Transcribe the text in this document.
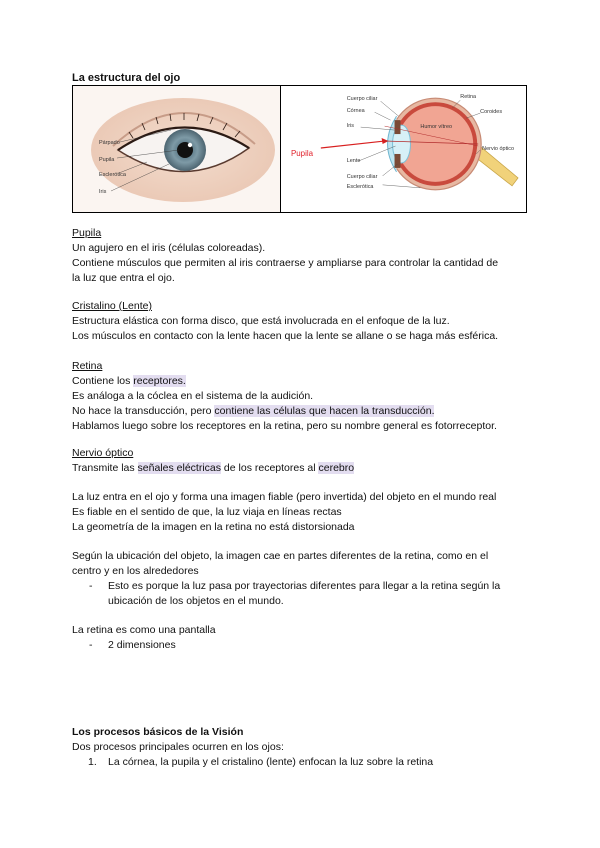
La estructura del ojo
Párpado
Pupila
Esclerótica
Iris
Cuerpo ciliar
Córnea
Iris
Lente
Cuerpo ciliar
Esclerótica
Retina
Coroides
Humor vítreo
Nervio óptico
Pupila
Pupila
Un agujero en el iris (células coloreadas).
Contiene músculos que permiten al iris contraerse y ampliarse para controlar la cantidad de
la luz que entra el ojo.
Cristalino (Lente)
Estructura elástica con forma disco, que está involucrada en el enfoque de la luz.
Los músculos en contacto con la lente hacen que la lente se allane o se haga más esférica.
Retina
Contiene los receptores.
Es análoga a la cóclea en el sistema de la audición.
No hace la transducción, pero contiene las células que hacen la transducción.
Hablamos luego sobre los receptores en la retina, pero su nombre general es fotorreceptor.
Nervio óptico
Transmite las señales eléctricas de los receptores al cerebro
La luz entra en el ojo y forma una imagen fiable (pero invertida) del objeto en el mundo real
Es fiable en el sentido de que, la luz viaja en líneas rectas
La geometría de la imagen en la retina no está distorsionada
Según la ubicación del objeto, la imagen cae en partes diferentes de la retina, como en el
centro y en los alrededores
- Esto es porque la luz pasa por trayectorias diferentes para llegar a la retina según la
ubicación de los objetos en el mundo.
La retina es como una pantalla
- 2 dimensiones
Los procesos básicos de la Visión
Dos procesos principales ocurren en los ojos:
1. La córnea, la pupila y el cristalino (lente) enfocan la luz sobre la retina
